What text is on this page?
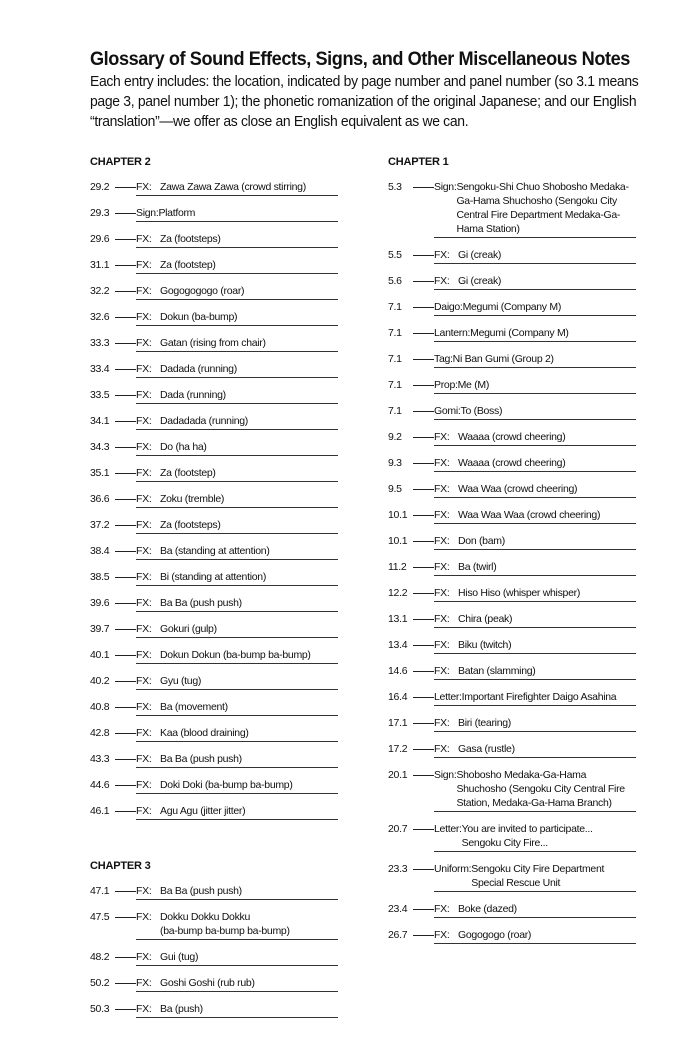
Glossary of Sound Effects, Signs, and Other Miscellaneous Notes
Each entry includes: the location, indicated by page number and panel number (so 3.1 means page 3, panel number 1); the phonetic romanization of the original Japanese; and our English “translation”—we offer as close an English equivalent as we can.
CHAPTER 2
29.2	FX: Zawa Zawa Zawa (crowd stirring)
29.3	Sign: Platform
29.6	FX: Za (footsteps)
31.1	FX: Za (footstep)
32.2	FX: Gogogogogo (roar)
32.6	FX: Dokun (ba-bump)
33.3	FX: Gatan (rising from chair)
33.4	FX: Dadada (running)
33.5	FX: Dada (running)
34.1	FX: Dadadada (running)
34.3	FX: Do (ha ha)
35.1	FX: Za (footstep)
36.6	FX: Zoku (tremble)
37.2	FX: Za (footsteps)
38.4	FX: Ba (standing at attention)
38.5	FX: Bi (standing at attention)
39.6	FX: Ba Ba (push push)
39.7	FX: Gokuri (gulp)
40.1	FX: Dokun Dokun (ba-bump ba-bump)
40.2	FX: Gyu (tug)
40.8	FX: Ba (movement)
42.8	FX: Kaa (blood draining)
43.3	FX: Ba Ba (push push)
44.6	FX: Doki Doki (ba-bump ba-bump)
46.1	FX: Agu Agu (jitter jitter)
CHAPTER 3
47.1	FX: Ba Ba (push push)
47.5	FX: Dokku Dokku Dokku
(ba-bump ba-bump ba-bump)
48.2	FX: Gui (tug)
50.2	FX: Goshi Goshi (rub rub)
50.3	FX: Ba (push)
CHAPTER 1
5.3	Sign: Sengoku-Shi Chuo Shobosho Medaka-Ga-Hama Shuchosho (Sengoku City Central Fire Department Medaka-Ga-Hama Station)
5.5	FX: Gi (creak)
5.6	FX: Gi (creak)
7.1	Daigo: Megumi (Company M)
7.1	Lantern: Megumi (Company M)
7.1	Tag: Ni Ban Gumi (Group 2)
7.1	Prop: Me (M)
7.1	Gomi: To (Boss)
9.2	FX: Waaaa (crowd cheering)
9.3	FX: Waaaa (crowd cheering)
9.5	FX: Waa Waa (crowd cheering)
10.1	FX: Waa Waa Waa (crowd cheering)
10.1	FX: Don (bam)
11.2	FX: Ba (twirl)
12.2	FX: Hiso Hiso (whisper whisper)
13.1	FX: Chira (peak)
13.4	FX: Biku (twitch)
14.6	FX: Batan (slamming)
16.4	Letter: Important Firefighter Daigo Asahina
17.1	FX: Biri (tearing)
17.2	FX: Gasa (rustle)
20.1	Sign: Shobosho Medaka-Ga-Hama Shuchosho (Sengoku City Central Fire Station, Medaka-Ga-Hama Branch)
20.7	Letter: You are invited to participate...
Sengoku City Fire...
23.3	Uniform: Sengoku City Fire Department
Special Rescue Unit
23.4	FX: Boke (dazed)
26.7	FX: Gogogogo (roar)
